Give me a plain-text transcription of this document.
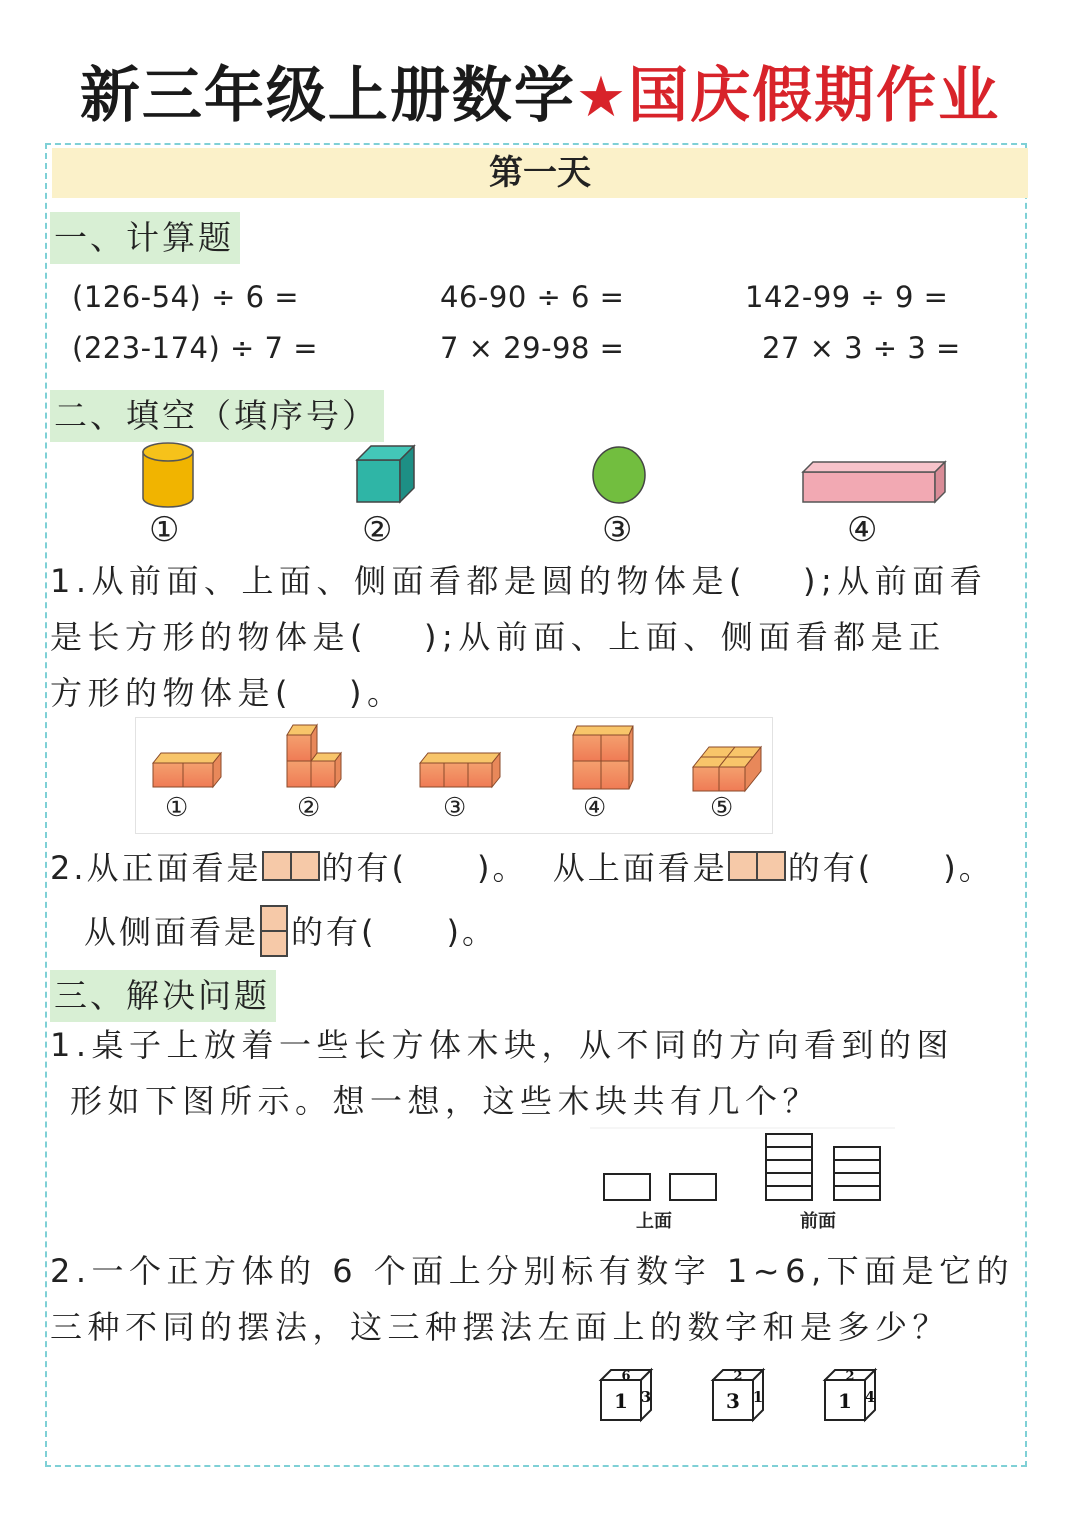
新三年级上册数学★国庆假期作业
第一天
一、计算题
(126-54) ÷ 6 =	46-90 ÷ 6 =	142-99 ÷ 9 =
(223-174) ÷ 7 =	7 × 29-98 =	27 × 3 ÷ 3 =
二、填空（填序号）
①	②	③	④

1.从前面、上面、侧面看都是圆的物体是( );从前面看

是长方形的物体是( );从前面、上面、侧面看都是正

方形的物体是( )。

①	②	③	④	⑤

2.从正面看是 的有( )。 从上面看是 的有( )。

从侧面看是 的有( )。

三、解决问题

1.桌子上放着一些长方体木块，从不同的方向看到的图

形如下图所示。想一想，这些木块共有几个？

上面	前面

2.一个正方体的 6 个面上分别标有数字 1~6,下面是它的

三种不同的摆法，这三种摆法左面上的数字和是多少？

6
1 3
2
3 1
2
1 4
